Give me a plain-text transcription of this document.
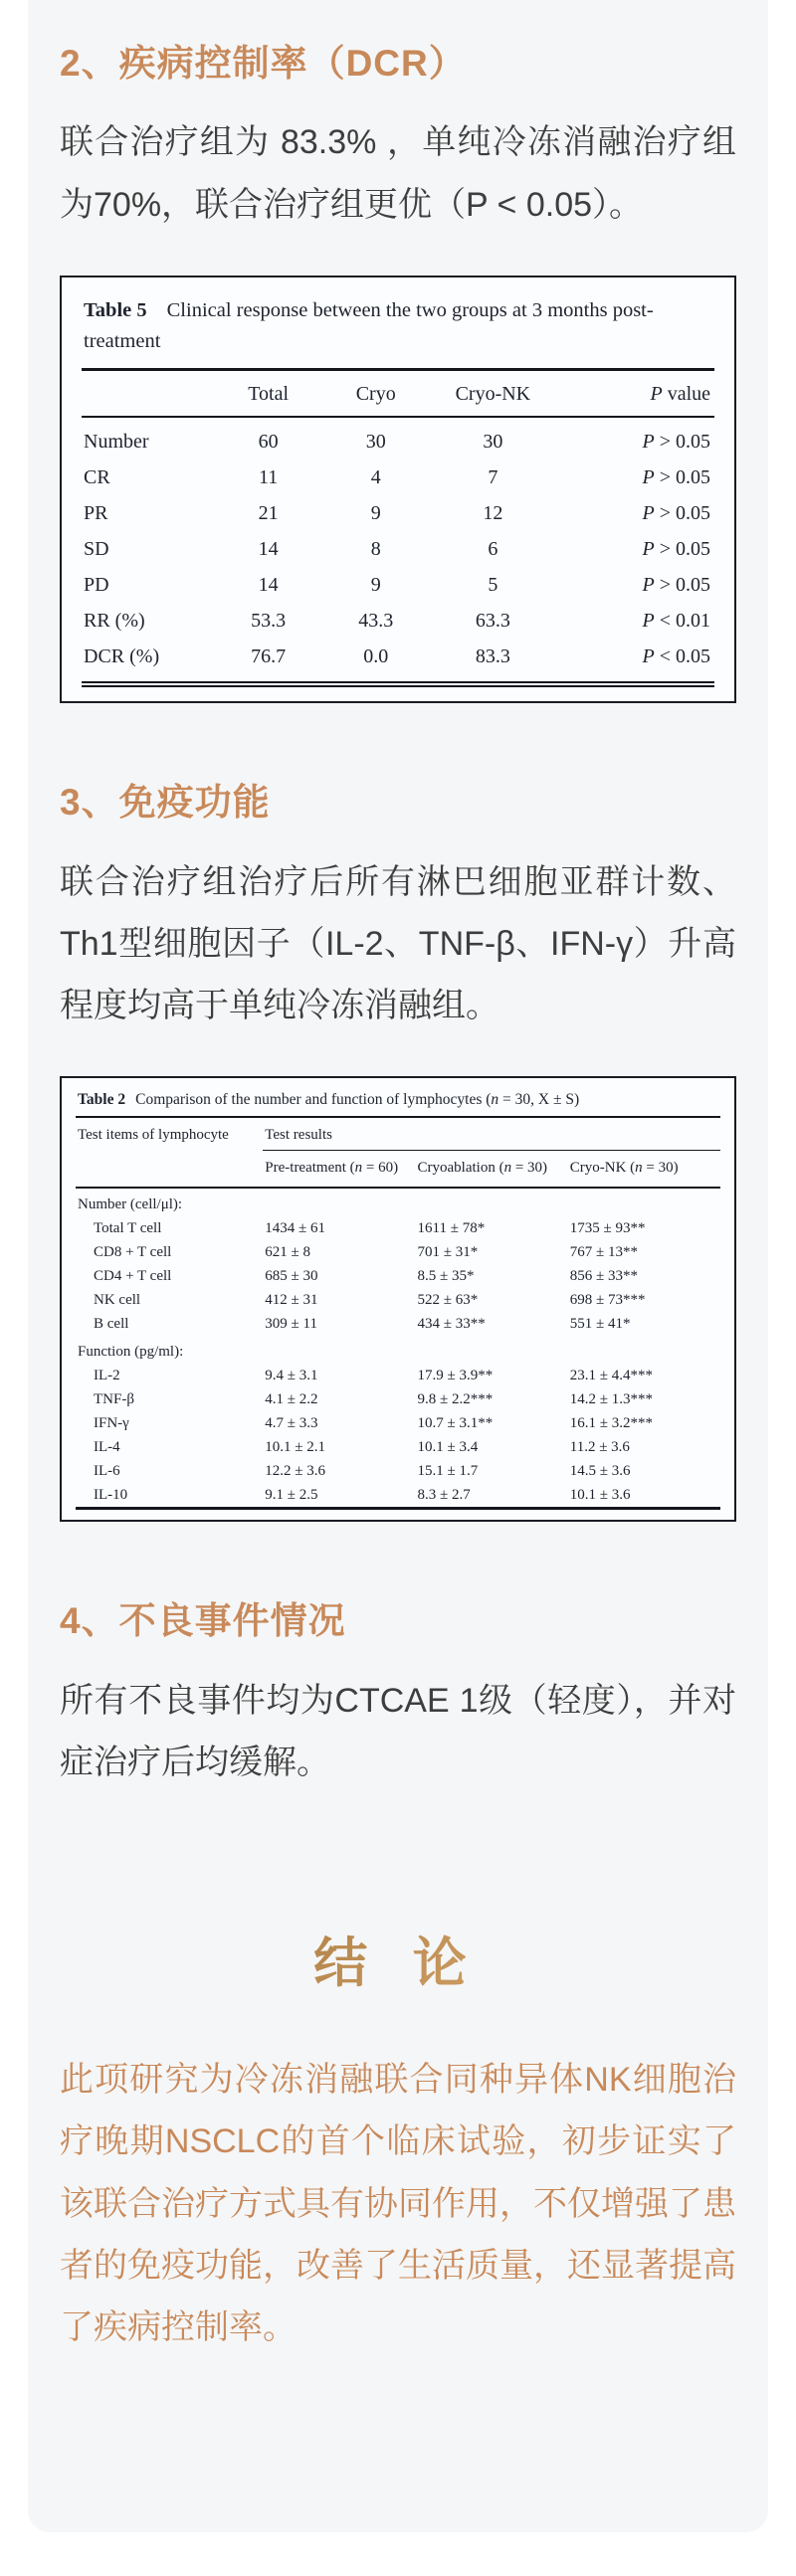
2、疾病控制率（DCR）

联合治疗组为 83.3% ，单纯冷冻消融治疗组为70%，联合治疗组更优（P < 0.05）。

Table 5 Clinical response between the two groups at 3 months post-treatment
	Total	Cryo	Cryo-NK	P value
Number	60	30	30	P > 0.05
CR	11	4	7	P > 0.05
PR	21	9	12	P > 0.05
SD	14	8	6	P > 0.05
PD	14	9	5	P > 0.05
RR (%)	53.3	43.3	63.3	P < 0.01
DCR (%)	76.7	0.0	83.3	P < 0.05
3、免疫功能

联合治疗组治疗后所有淋巴细胞亚群计数、Th1型细胞因子（IL-2、TNF-β、IFN-γ）升高程度均高于单纯冷冻消融组。

Table 2 Comparison of the number and function of lymphocytes (n = 30, X ± S)
Test items of lymphocyte	Test results		
	Pre-treatment (n = 60)	Cryoablation (n = 30)	Cryo-NK (n = 30)
Number (cell/μl):			
Total T cell	1434 ± 61	1611 ± 78*	1735 ± 93**
CD8 + T cell	621 ± 8	701 ± 31*	767 ± 13**
CD4 + T cell	685 ± 30	8.5 ± 35*	856 ± 33**
NK cell	412 ± 31	522 ± 63*	698 ± 73***
B cell	309 ± 11	434 ± 33**	551 ± 41*
Function (pg/ml):			
IL-2	9.4 ± 3.1	17.9 ± 3.9**	23.1 ± 4.4***
TNF-β	4.1 ± 2.2	9.8 ± 2.2***	14.2 ± 1.3***
IFN-γ	4.7 ± 3.3	10.7 ± 3.1**	16.1 ± 3.2***
IL-4	10.1 ± 2.1	10.1 ± 3.4	11.2 ± 3.6
IL-6	12.2 ± 3.6	15.1 ± 1.7	14.5 ± 3.6
IL-10	9.1 ± 2.5	8.3 ± 2.7	10.1 ± 3.6
4、不良事件情况

所有不良事件均为CTCAE 1级（轻度），并对症治疗后均缓解。

结 论

此项研究为冷冻消融联合同种异体NK细胞治疗晚期NSCLC的首个临床试验，初步证实了该联合治疗方式具有协同作用，不仅增强了患者的免疫功能，改善了生活质量，还显著提高了疾病控制率。
